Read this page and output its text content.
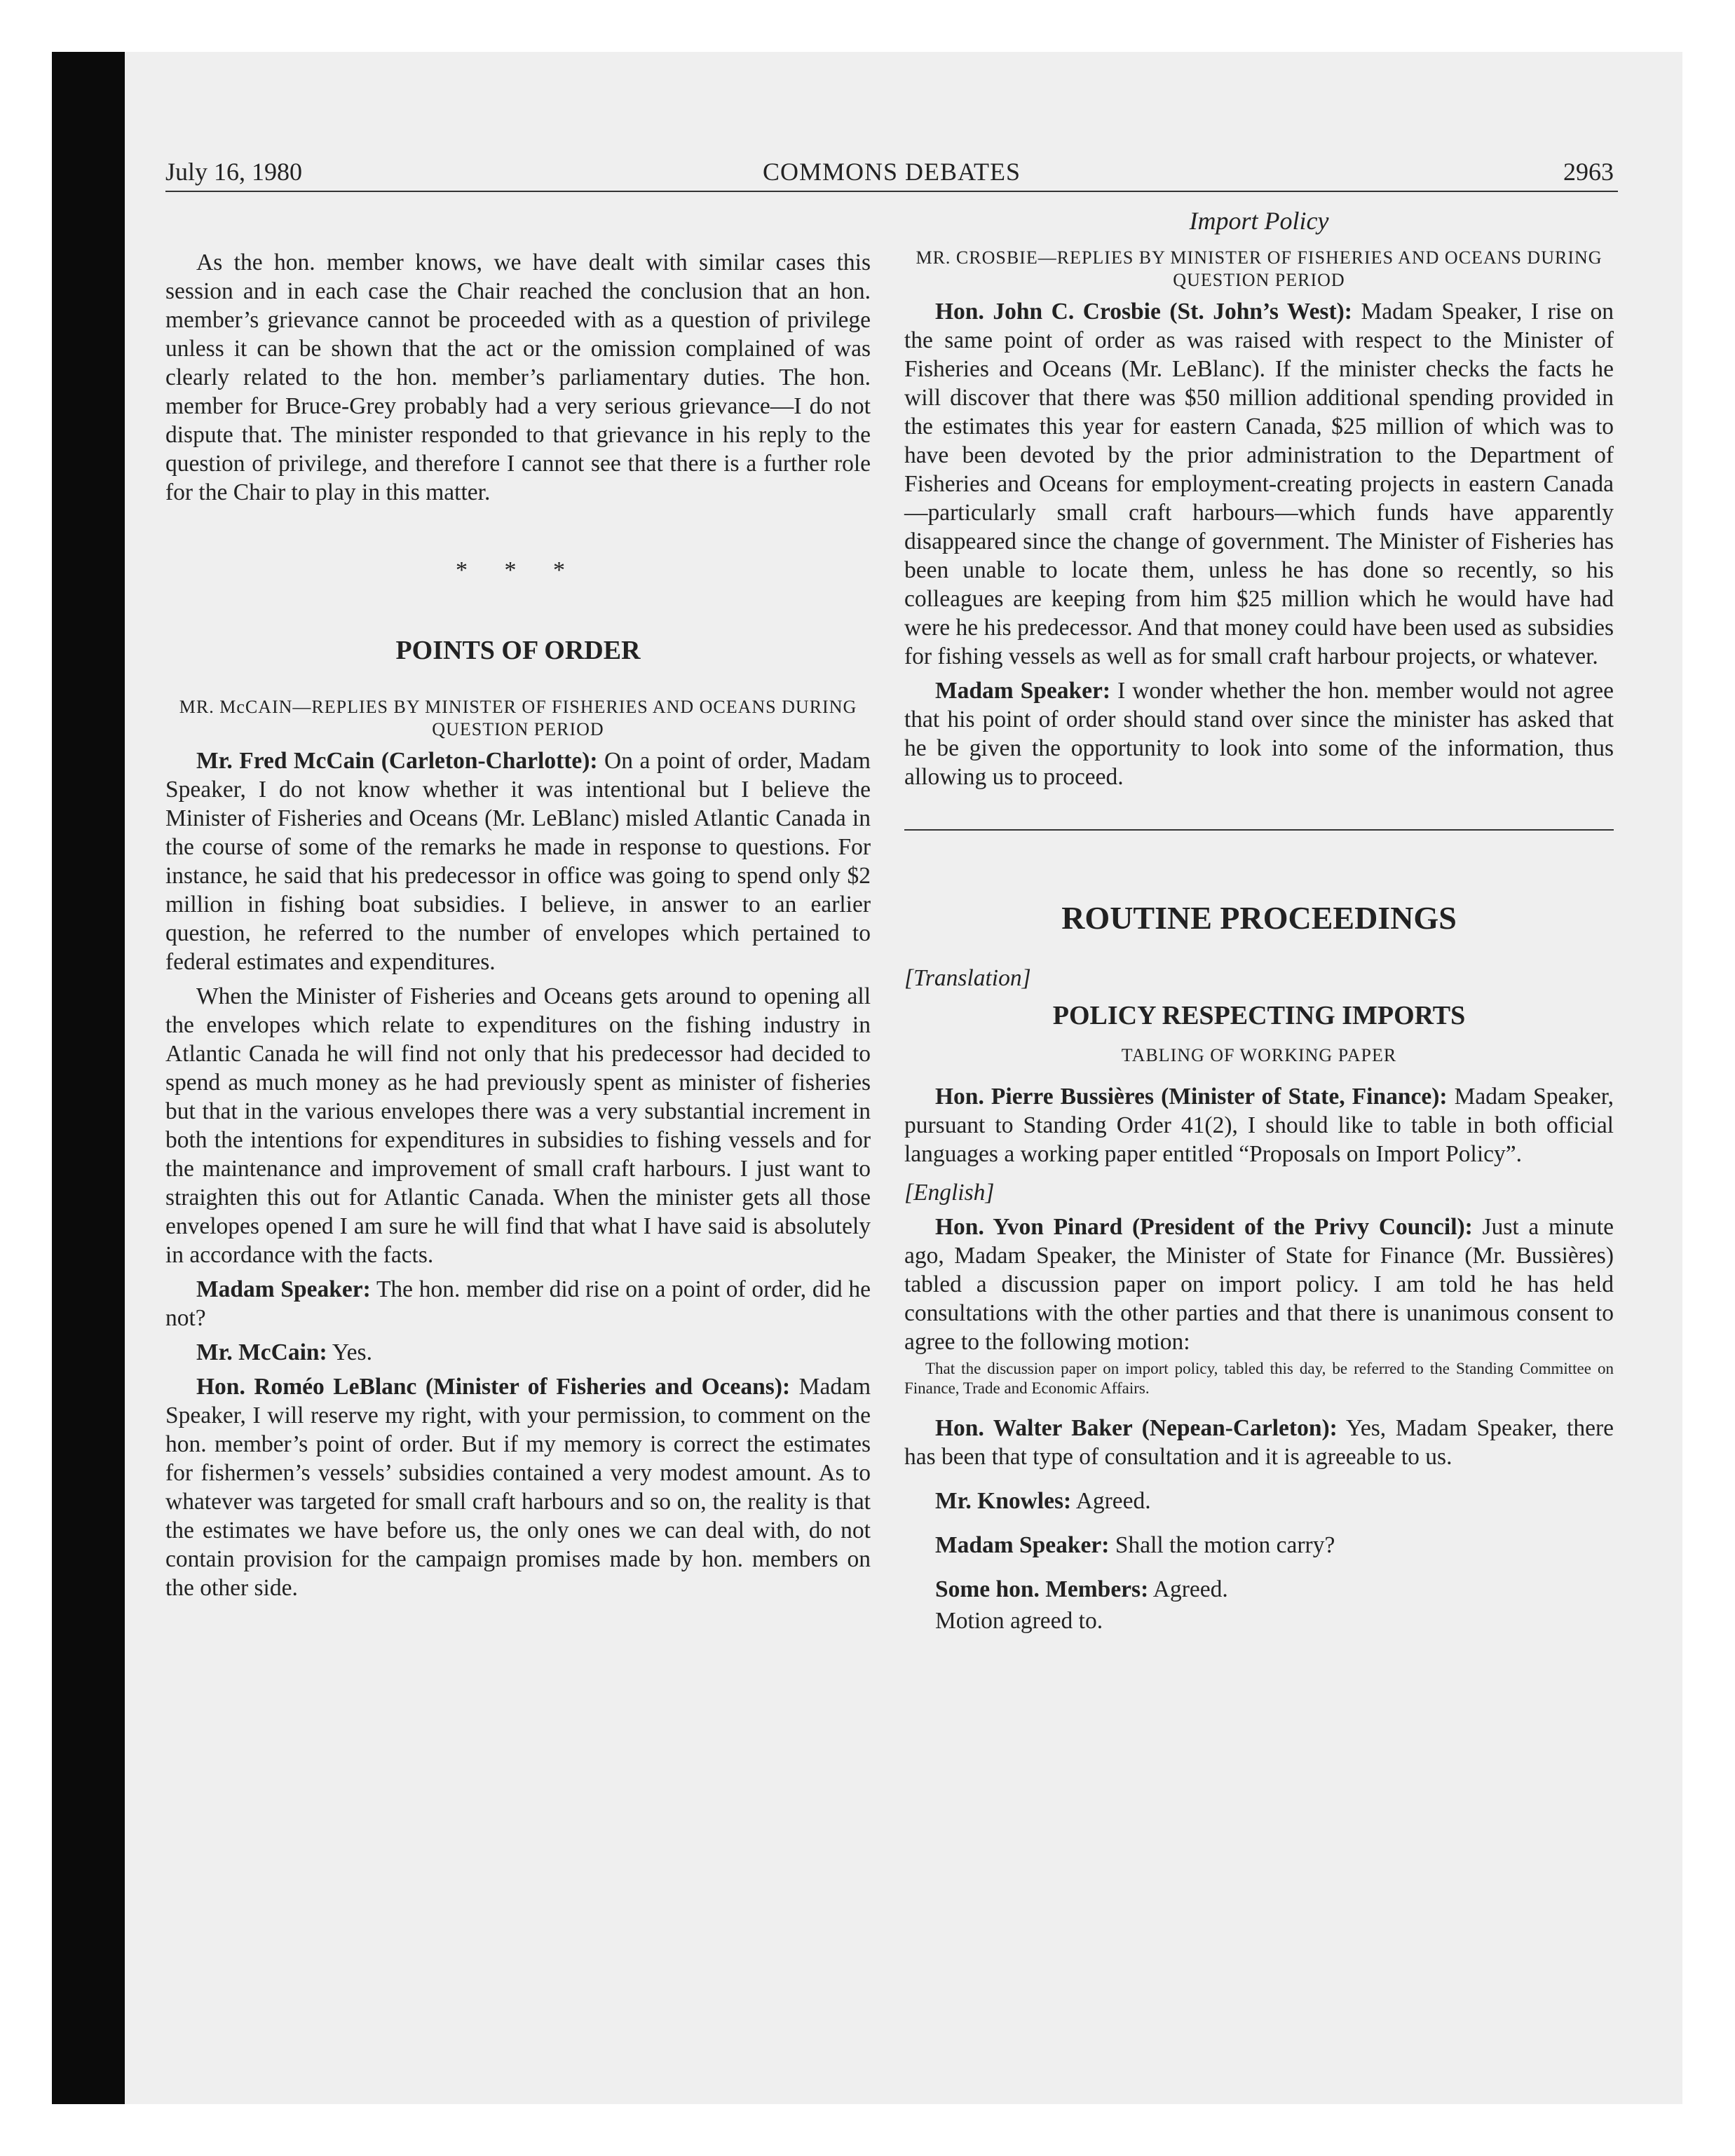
July 16, 1980	COMMONS DEBATES	2963

As the hon. member knows, we have dealt with similar cases this session and in each case the Chair reached the conclusion that an hon. member’s grievance cannot be proceeded with as a question of privilege unless it can be shown that the act or the omission complained of was clearly related to the hon. member’s parliamentary duties. The hon. member for Bruce-Grey probably had a very serious grievance—I do not dispute that. The minister responded to that grievance in his reply to the question of privilege, and therefore I cannot see that there is a further role for the Chair to play in this matter.

* * *

POINTS OF ORDER

MR. McCAIN—REPLIES BY MINISTER OF FISHERIES AND OCEANS DURING QUESTION PERIOD

Mr. Fred McCain (Carleton-Charlotte): On a point of order, Madam Speaker, I do not know whether it was intentional but I believe the Minister of Fisheries and Oceans (Mr. LeBlanc) misled Atlantic Canada in the course of some of the remarks he made in response to questions. For instance, he said that his predecessor in office was going to spend only $2 million in fishing boat subsidies. I believe, in answer to an earlier question, he referred to the number of envelopes which pertained to federal estimates and expenditures.

When the Minister of Fisheries and Oceans gets around to opening all the envelopes which relate to expenditures on the fishing industry in Atlantic Canada he will find not only that his predecessor had decided to spend as much money as he had previously spent as minister of fisheries but that in the various envelopes there was a very substantial increment in both the intentions for expenditures in subsidies to fishing vessels and for the maintenance and improvement of small craft harbours. I just want to straighten this out for Atlantic Canada. When the minister gets all those envelopes opened I am sure he will find that what I have said is absolutely in accordance with the facts.

Madam Speaker: The hon. member did rise on a point of order, did he not?

Mr. McCain: Yes.

Hon. Roméo LeBlanc (Minister of Fisheries and Oceans): Madam Speaker, I will reserve my right, with your permission, to comment on the hon. member’s point of order. But if my memory is correct the estimates for fishermen’s vessels’ subsidies contained a very modest amount. As to whatever was targeted for small craft harbours and so on, the reality is that the estimates we have before us, the only ones we can deal with, do not contain provision for the campaign promises made by hon. members on the other side.

Import Policy

MR. CROSBIE—REPLIES BY MINISTER OF FISHERIES AND OCEANS DURING QUESTION PERIOD

Hon. John C. Crosbie (St. John’s West): Madam Speaker, I rise on the same point of order as was raised with respect to the Minister of Fisheries and Oceans (Mr. LeBlanc). If the minister checks the facts he will discover that there was $50 million additional spending provided in the estimates this year for eastern Canada, $25 million of which was to have been devoted by the prior administration to the Department of Fisheries and Oceans for employment-creating projects in eastern Canada—particularly small craft harbours—which funds have apparently disappeared since the change of government. The Minister of Fisheries has been unable to locate them, unless he has done so recently, so his colleagues are keeping from him $25 million which he would have had were he his predecessor. And that money could have been used as subsidies for fishing vessels as well as for small craft harbour projects, or whatever.

Madam Speaker: I wonder whether the hon. member would not agree that his point of order should stand over since the minister has asked that he be given the opportunity to look into some of the information, thus allowing us to proceed.

ROUTINE PROCEEDINGS

[Translation]

POLICY RESPECTING IMPORTS

TABLING OF WORKING PAPER

Hon. Pierre Bussières (Minister of State, Finance): Madam Speaker, pursuant to Standing Order 41(2), I should like to table in both official languages a working paper entitled “Proposals on Import Policy”.

[English]

Hon. Yvon Pinard (President of the Privy Council): Just a minute ago, Madam Speaker, the Minister of State for Finance (Mr. Bussières) tabled a discussion paper on import policy. I am told he has held consultations with the other parties and that there is unanimous consent to agree to the following motion:

That the discussion paper on import policy, tabled this day, be referred to the Standing Committee on Finance, Trade and Economic Affairs.

Hon. Walter Baker (Nepean-Carleton): Yes, Madam Speaker, there has been that type of consultation and it is agreeable to us.

Mr. Knowles: Agreed.

Madam Speaker: Shall the motion carry?

Some hon. Members: Agreed.

Motion agreed to.
